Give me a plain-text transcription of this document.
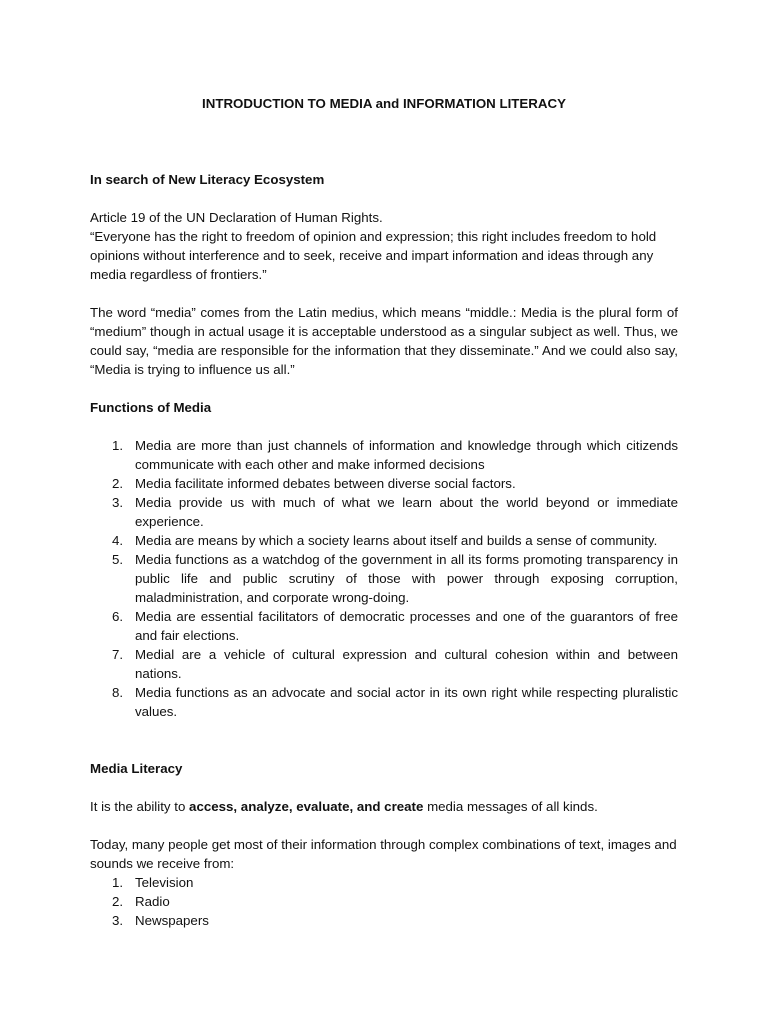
INTRODUCTION TO MEDIA and INFORMATION LITERACY
In search of New Literacy Ecosystem
Article 19 of the UN Declaration of Human Rights.
“Everyone has the right to freedom of opinion and expression; this right includes freedom to hold opinions without interference and to seek, receive and impart information and ideas through any media regardless of frontiers.”
The word “media” comes from the Latin medius, which means “middle.: Media is the plural form of “medium” though in actual usage it is acceptable understood as a singular subject as well. Thus, we could say, “media are responsible for the information that they disseminate.” And we could also say, “Media is trying to influence us all.”
Functions of Media
1. Media are more than just channels of information and knowledge through which citizends communicate with each other and make informed decisions
2. Media facilitate informed debates between diverse social factors.
3. Media provide us with much of what we learn about the world beyond or immediate experience.
4. Media are means by which a society learns about itself and builds a sense of community.
5. Media functions as a watchdog of the government in all its forms promoting transparency in public life and public scrutiny of those with power through exposing corruption, maladministration, and corporate wrong-doing.
6. Media are essential facilitators of democratic processes and one of the guarantors of free and fair elections.
7. Medial are a vehicle of cultural expression and cultural cohesion within and between nations.
8. Media functions as an advocate and social actor in its own right while respecting pluralistic values.
Media Literacy
It is the ability to access, analyze, evaluate, and create media messages of all kinds.
Today, many people get most of their information through complex combinations of text, images and sounds we receive from:
1. Television
2. Radio
3. Newspapers
